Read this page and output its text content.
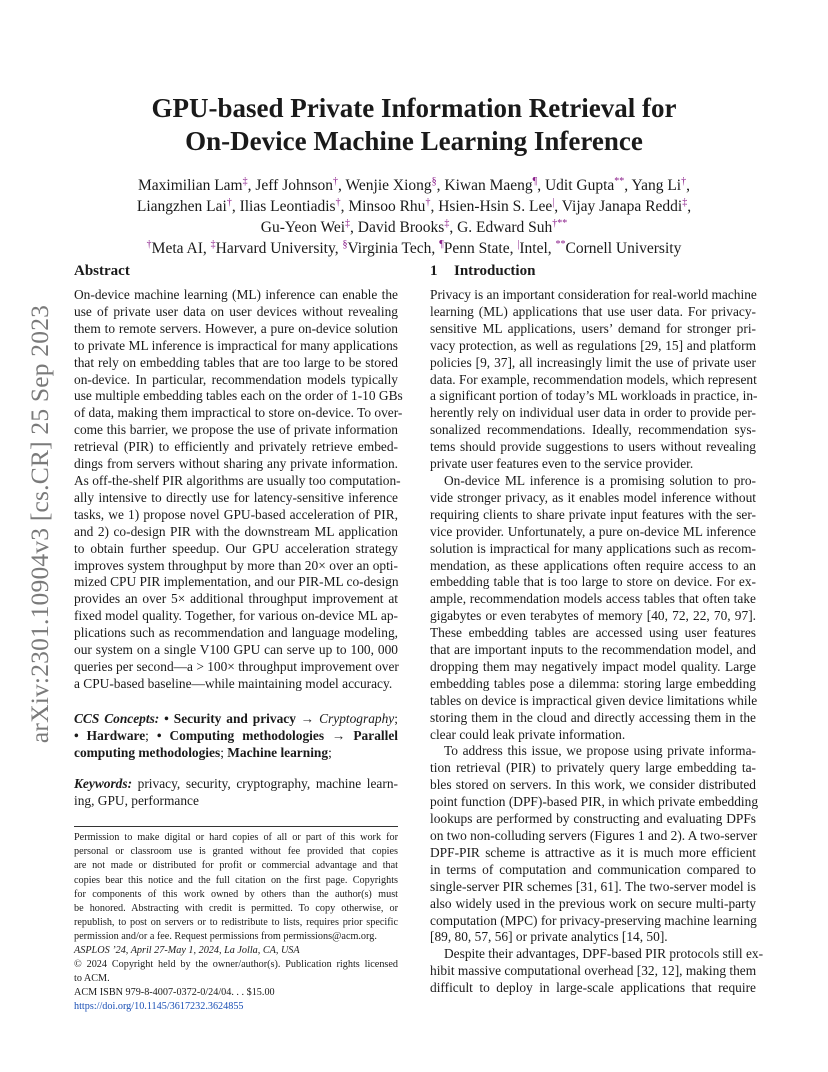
arXiv:2301.10904v3 [cs.CR] 25 Sep 2023
GPU-based Private Information Retrieval for
On-Device Machine Learning Inference
Maximilian Lam‡, Jeff Johnson†, Wenjie Xiong§, Kiwan Maeng¶, Udit Gupta**, Yang Li†,
Liangzhen Lai†, Ilias Leontiadis†, Minsoo Rhu†, Hsien-Hsin S. Lee|, Vijay Janapa Reddi‡,
Gu-Yeon Wei‡, David Brooks‡, G. Edward Suh†**
†Meta AI, ‡Harvard University, §Virginia Tech, ¶Penn State, |Intel, **Cornell University
Abstract
On-device machine learning (ML) inference can enable the
use of private user data on user devices without revealing
them to remote servers. However, a pure on-device solution
to private ML inference is impractical for many applications
that rely on embedding tables that are too large to be stored
on-device. In particular, recommendation models typically
use multiple embedding tables each on the order of 1-10 GBs
of data, making them impractical to store on-device. To over-
come this barrier, we propose the use of private information
retrieval (PIR) to efficiently and privately retrieve embed-
dings from servers without sharing any private information.
As off-the-shelf PIR algorithms are usually too computation-
ally intensive to directly use for latency-sensitive inference
tasks, we 1) propose novel GPU-based acceleration of PIR,
and 2) co-design PIR with the downstream ML application
to obtain further speedup. Our GPU acceleration strategy
improves system throughput by more than 20× over an opti-
mized CPU PIR implementation, and our PIR-ML co-design
provides an over 5× additional throughput improvement at
fixed model quality. Together, for various on-device ML ap-
plications such as recommendation and language modeling,
our system on a single V100 GPU can serve up to 100, 000
queries per second—a > 100× throughput improvement over
a CPU-based baseline—while maintaining model accuracy.
CCS Concepts: • Security and privacy → Cryptography;
• Hardware; • Computing methodologies → Parallel
computing methodologies; Machine learning;
Keywords: privacy, security, cryptography, machine learn-
ing, GPU, performance
Permission to make digital or hard copies of all or part of this work for
personal or classroom use is granted without fee provided that copies
are not made or distributed for profit or commercial advantage and that
copies bear this notice and the full citation on the first page. Copyrights
for components of this work owned by others than the author(s) must
be honored. Abstracting with credit is permitted. To copy otherwise, or
republish, to post on servers or to redistribute to lists, requires prior specific
permission and/or a fee. Request permissions from permissions@acm.org.
ASPLOS ’24, April 27-May 1, 2024, La Jolla, CA, USA
© 2024 Copyright held by the owner/author(s). Publication rights licensed
to ACM.
ACM ISBN 979-8-4007-0372-0/24/04. . . $15.00
https://doi.org/10.1145/3617232.3624855
1 Introduction
Privacy is an important consideration for real-world machine
learning (ML) applications that use user data. For privacy-
sensitive ML applications, users’ demand for stronger pri-
vacy protection, as well as regulations [29, 15] and platform
policies [9, 37], all increasingly limit the use of private user
data. For example, recommendation models, which represent
a significant portion of today’s ML workloads in practice, in-
herently rely on individual user data in order to provide per-
sonalized recommendations. Ideally, recommendation sys-
tems should provide suggestions to users without revealing
private user features even to the service provider.
On-device ML inference is a promising solution to pro-
vide stronger privacy, as it enables model inference without
requiring clients to share private input features with the ser-
vice provider. Unfortunately, a pure on-device ML inference
solution is impractical for many applications such as recom-
mendation, as these applications often require access to an
embedding table that is too large to store on device. For ex-
ample, recommendation models access tables that often take
gigabytes or even terabytes of memory [40, 72, 22, 70, 97].
These embedding tables are accessed using user features
that are important inputs to the recommendation model, and
dropping them may negatively impact model quality. Large
embedding tables pose a dilemma: storing large embedding
tables on device is impractical given device limitations while
storing them in the cloud and directly accessing them in the
clear could leak private information.
To address this issue, we propose using private informa-
tion retrieval (PIR) to privately query large embedding ta-
bles stored on servers. In this work, we consider distributed
point function (DPF)-based PIR, in which private embedding
lookups are performed by constructing and evaluating DPFs
on two non-colluding servers (Figures 1 and 2). A two-server
DPF-PIR scheme is attractive as it is much more efficient
in terms of computation and communication compared to
single-server PIR schemes [31, 61]. The two-server model is
also widely used in the previous work on secure multi-party
computation (MPC) for privacy-preserving machine learning
[89, 80, 57, 56] or private analytics [14, 50].
Despite their advantages, DPF-based PIR protocols still ex-
hibit massive computational overhead [32, 12], making them
difficult to deploy in large-scale applications that require
